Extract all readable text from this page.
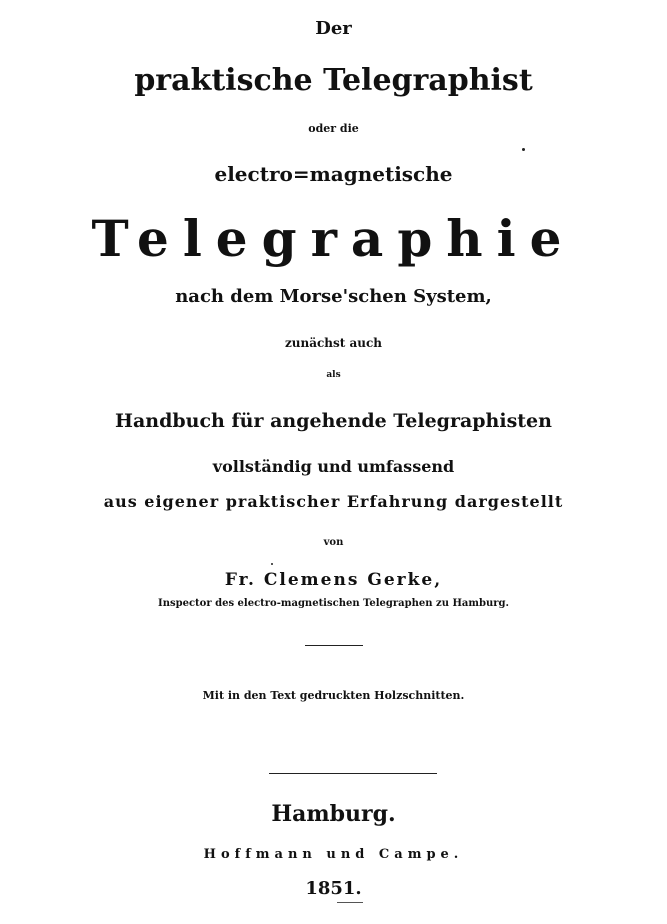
Der
praktische Telegraphist
oder die
electro=magnetische
Telegraphie
nach dem Morse'schen System,
zunächst auch
als
Handbuch für angehende Telegraphisten
vollständig und umfassend
aus eigener praktischer Erfahrung dargestellt
von
Fr. Clemens Gerke,
Inspector des electro-magnetischen Telegraphen zu Hamburg.
Mit in den Text gedruckten Holzschnitten.
Hamburg.
Hoffmann und Campe.
1851.
